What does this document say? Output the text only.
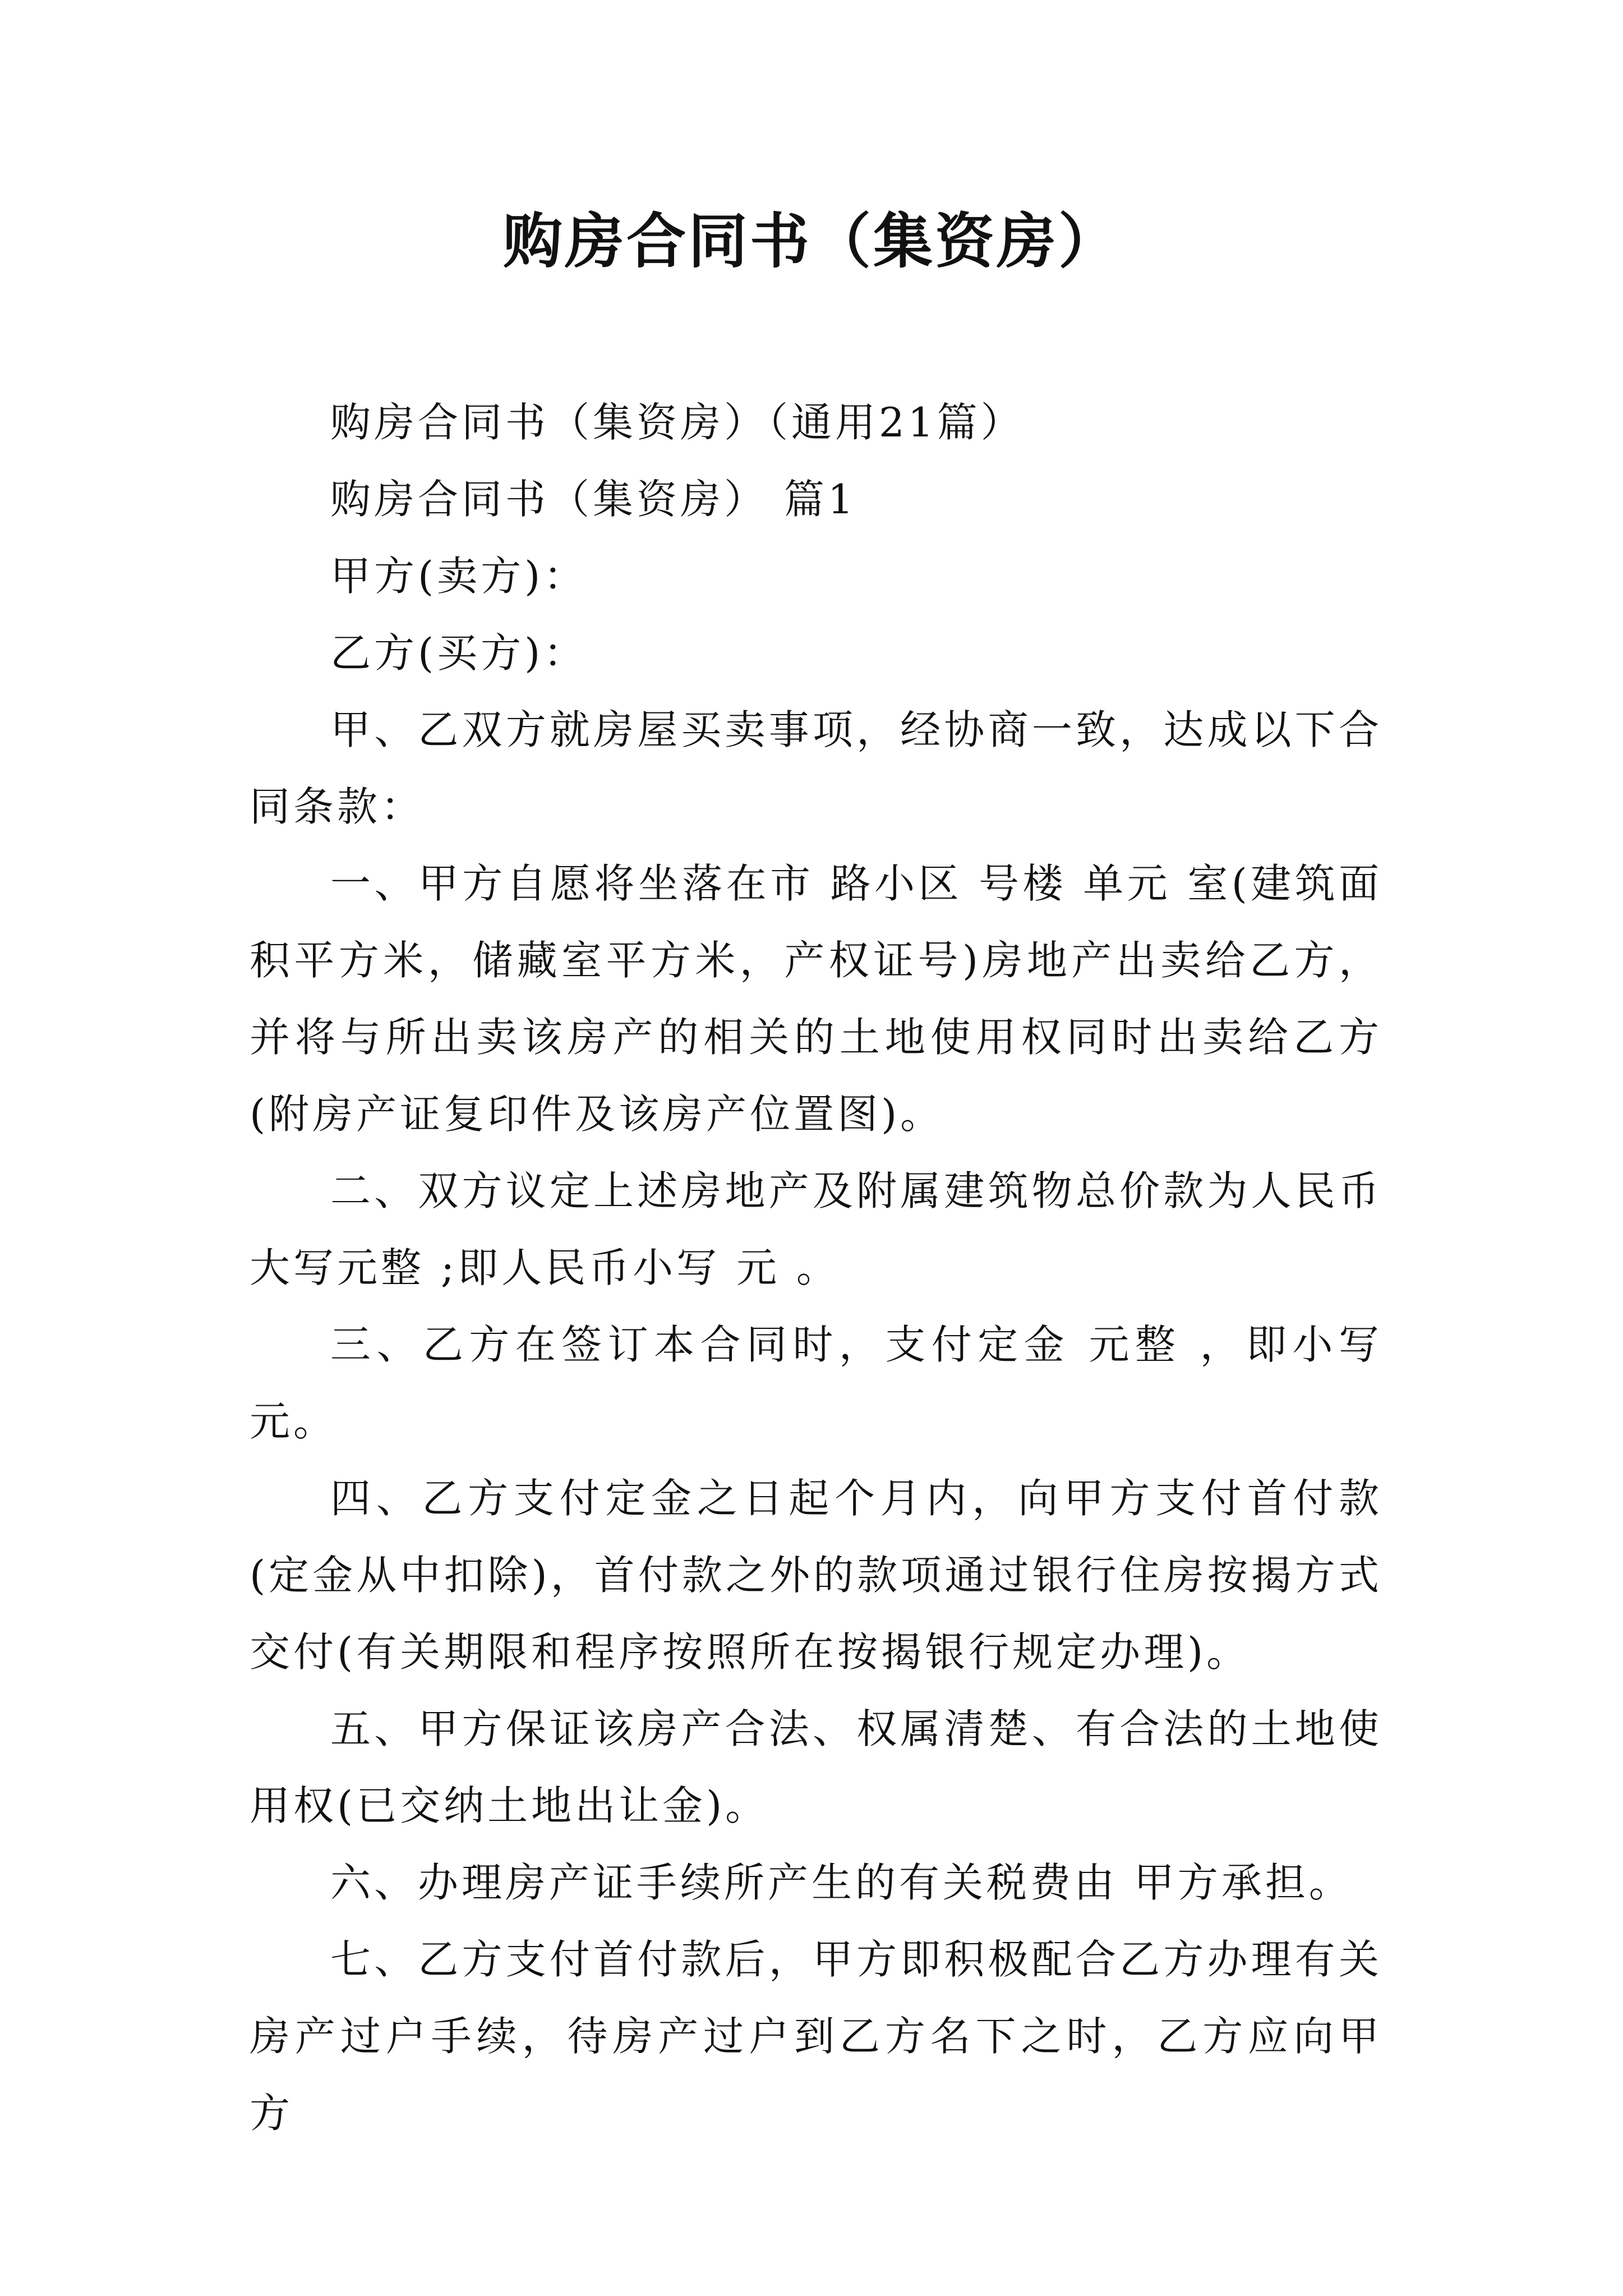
购房合同书（集资房）

购房合同书（集资房）（通用21篇）

购房合同书（集资房） 篇1

甲方(卖方)：

乙方(买方)：

甲、乙双方就房屋买卖事项，经协商一致，达成以下合同条款：

一、甲方自愿将坐落在市 路小区 号楼 单元 室(建筑面积平方米，储藏室平方米，产权证号)房地产出卖给乙方，并将与所出卖该房产的相关的土地使用权同时出卖给乙方(附房产证复印件及该房产位置图)。

二、双方议定上述房地产及附属建筑物总价款为人民币大写元整 ;即人民币小写 元 。

三、乙方在签订本合同时，支付定金 元整 ，即小写元。

四、乙方支付定金之日起个月内，向甲方支付首付款(定金从中扣除)，首付款之外的款项通过银行住房按揭方式交付(有关期限和程序按照所在按揭银行规定办理)。

五、甲方保证该房产合法、权属清楚、有合法的土地使用权(已交纳土地出让金)。

六、办理房产证手续所产生的有关税费由 甲方承担。

七、乙方支付首付款后，甲方即积极配合乙方办理有关房产过户手续，待房产过户到乙方名下之时，乙方应向甲方
